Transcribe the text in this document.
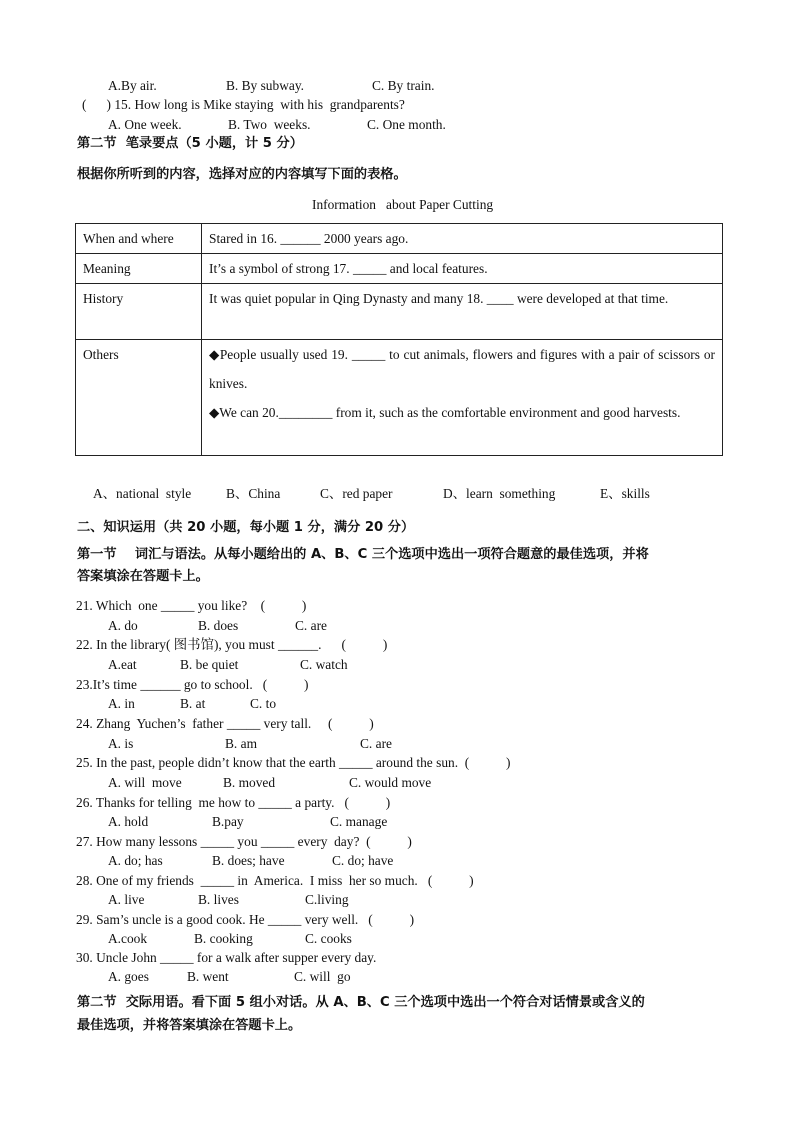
A.By air.	B. By subway.	C. By train.
(      ) 15. How long is Mike staying  with his  grandparents?
A. One week.	B. Two  weeks.	C. One month.
第二节  笔录要点（5 小题，计 5 分）
根据你所听到的内容，选择对应的内容填写下面的表格。
Information   about Paper Cutting
When and where	Stared in 16. ______ 2000 years ago.
Meaning	It’s a symbol of strong 17. _____ and local features.
History	It was quiet popular in Qing Dynasty and many 18. ____ were developed at that time.
Others	◆People usually used 19. _____ to cut animals, flowers and figures with a pair of scissors or knives.
◆We can 20.________ from it, such as the comfortable environment and good harvests.
A、national  style	B、China	C、red paper	D、learn  something	E、skills
二、知识运用（共 20 小题，每小题 1 分，满分 20 分）
第一节    词汇与语法。从每小题给出的 A、B、C 三个选项中选出一项符合题意的最佳选项，并将
答案填涂在答题卡上。
21. Which  one _____ you like?    (           )
A. do	B. does	C. are
22. In the library( 图书馆), you must ______.      (           )
A.eat	B. be quiet	C. watch
23.It’s time ______ go to school.   (           )
A. in	B. at	C. to
24. Zhang  Yuchen’s  father _____ very tall.     (           )
A. is	B. am	C. are
25. In the past, people didn’t know that the earth _____ around the sun.  (           )
A. will  move	B. moved	C. would move
26. Thanks for telling  me how to _____ a party.   (           )
A. hold	B.pay	C. manage
27. How many lessons _____ you _____ every  day?  (           )
A. do; has	B. does; have	C. do; have
28. One of my friends  _____ in  America.  I miss  her so much.   (           )
A. live	B. lives	C.living
29. Sam’s uncle is a good cook. He _____ very well.   (           )
A.cook	B. cooking	C. cooks
30. Uncle John _____ for a walk after supper every day.
A. goes	B. went	C. will  go
第二节  交际用语。看下面 5 组小对话。从 A、B、C 三个选项中选出一个符合对话情景或含义的
最佳选项，并将答案填涂在答题卡上。
